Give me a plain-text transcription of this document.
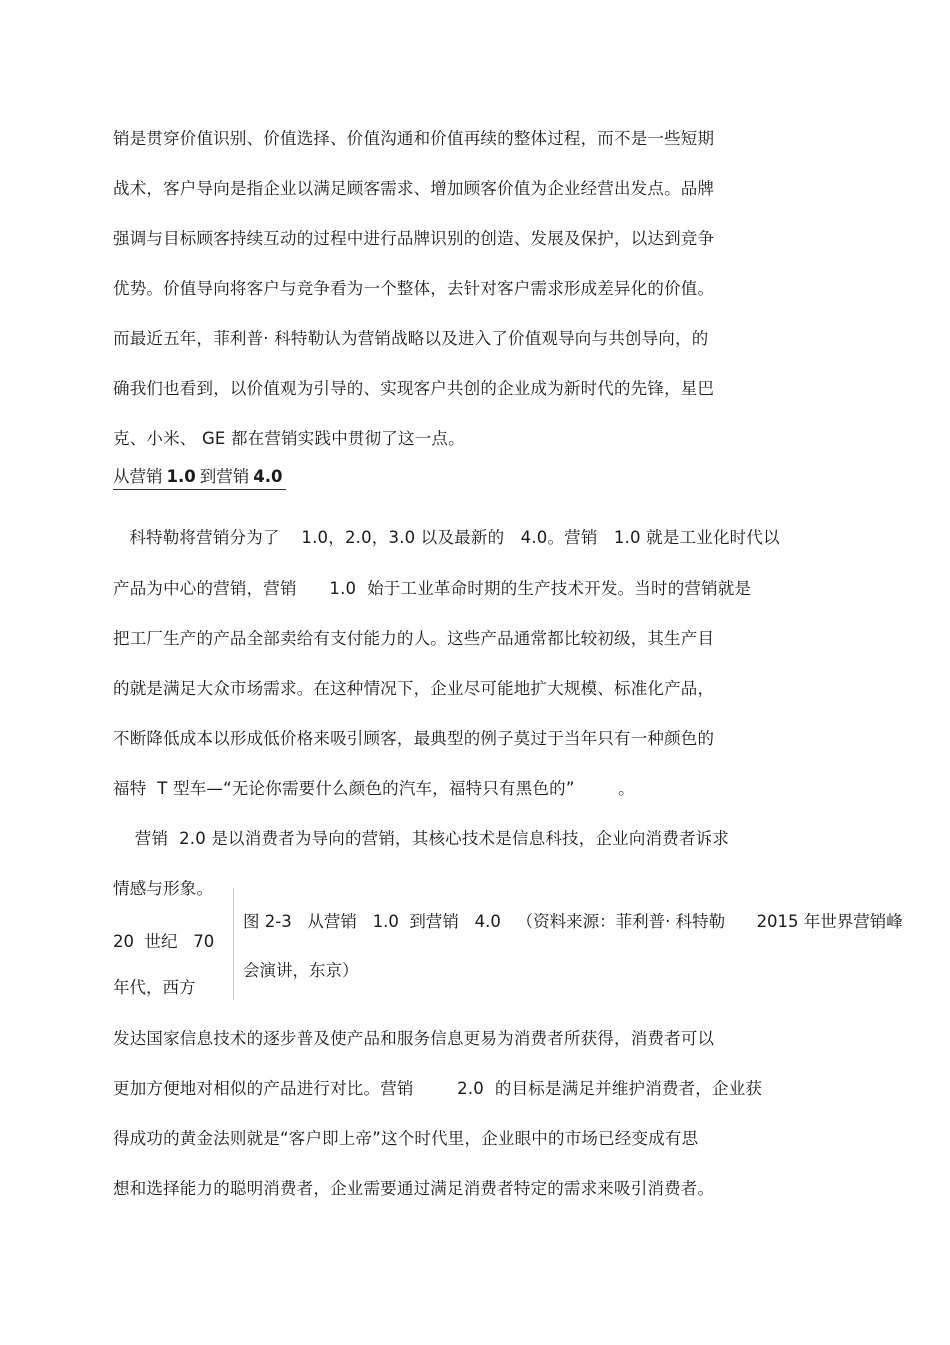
销是贯穿价值识别、价值选择、价值沟通和价值再续的整体过程，而不是一些短期
战术，客户导向是指企业以满足顾客需求、增加顾客价值为企业经营出发点。品牌
强调与目标顾客持续互动的过程中进行品牌识别的创造、发展及保护，以达到竞争
优势。价值导向将客户与竞争看为一个整体，去针对客户需求形成差异化的价值。
而最近五年，菲利普· 科特勒认为营销战略以及进入了价值观导向与共创导向，的
确我们也看到，以价值观为引导的、实现客户共创的企业成为新时代的先锋，星巴
克、小米、 GE 都在营销实践中贯彻了这一点。
从营销 1.0 到营销 4.0
科特勒将营销分为了    1.0，2.0，3.0 以及最新的   4.0。营销   1.0 就是工业化时代以
产品为中心的营销，营销      1.0  始于工业革命时期的生产技术开发。当时的营销就是
把工厂生产的产品全部卖给有支付能力的人。这些产品通常都比较初级，其生产目
的就是满足大众市场需求。在这种情况下，企业尽可能地扩大规模、标准化产品，
不断降低成本以形成低价格来吸引顾客，最典型的例子莫过于当年只有一种颜色的
福特  T 型车—“无论你需要什么颜色的汽车，福特只有黑色的”        。
营销  2.0 是以消费者为导向的营销，其核心技术是信息科技，企业向消费者诉求
情感与形象。
20  世纪   70
年代，西方
图 2-3   从营销   1.0  到营销   4.0   （资料来源：菲利普· 科特勒      2015 年世界营销峰
会演讲，东京）
发达国家信息技术的逐步普及使产品和服务信息更易为消费者所获得，消费者可以
更加方便地对相似的产品进行对比。营销        2.0  的目标是满足并维护消费者，企业获
得成功的黄金法则就是“客户即上帝”这个时代里，企业眼中的市场已经变成有思
想和选择能力的聪明消费者，企业需要通过满足消费者特定的需求来吸引消费者。
